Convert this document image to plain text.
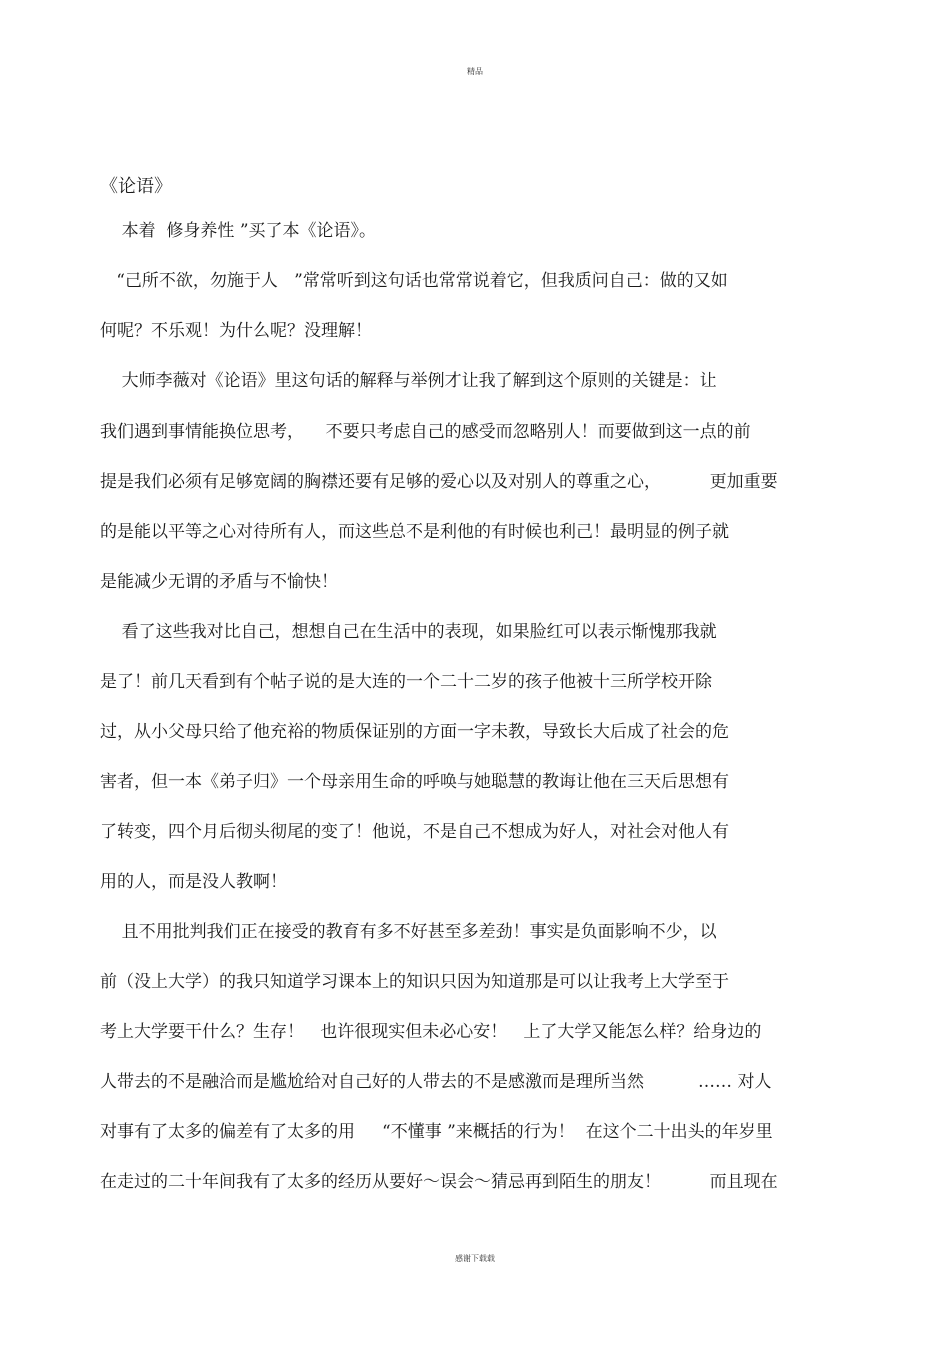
精品
《论语》
本着  修身养性 ”买了本《论语》。
“己所不欲，勿施于人   ”常常听到这句话也常常说着它，但我质问自己：做的又如
何呢？不乐观！为什么呢？没理解！
大师李薇对《论语》里这句话的解释与举例才让我了解到这个原则的关键是：让
我们遇到事情能换位思考，    不要只考虑自己的感受而忽略别人！而要做到这一点的前
提是我们必须有足够宽阔的胸襟还要有足够的爱心以及对别人的尊重之心，         更加重要
的是能以平等之心对待所有人，而这些总不是利他的有时候也利己！最明显的例子就
是能减少无谓的矛盾与不愉快！
看了这些我对比自己，想想自己在生活中的表现，如果脸红可以表示惭愧那我就
是了！前几天看到有个帖子说的是大连的一个二十二岁的孩子他被十三所学校开除
过，从小父母只给了他充裕的物质保证别的方面一字未教，导致长大后成了社会的危
害者，但一本《弟子归》一个母亲用生命的呼唤与她聪慧的教诲让他在三天后思想有
了转变，四个月后彻头彻尾的变了！他说，不是自己不想成为好人，对社会对他人有
用的人，而是没人教啊！
且不用批判我们正在接受的教育有多不好甚至多差劲！事实是负面影响不少，以
前（没上大学）的我只知道学习课本上的知识只因为知道那是可以让我考上大学至于
考上大学要干什么？生存！   也许很现实但未必心安！   上了大学又能怎么样？给身边的
人带去的不是融洽而是尴尬给对自己好的人带去的不是感激而是理所当然          …… 对人
对事有了太多的偏差有了太多的用     “不懂事 ”来概括的行为！  在这个二十出头的年岁里
在走过的二十年间我有了太多的经历从要好～误会～猜忌再到陌生的朋友！         而且现在
感谢下载载
